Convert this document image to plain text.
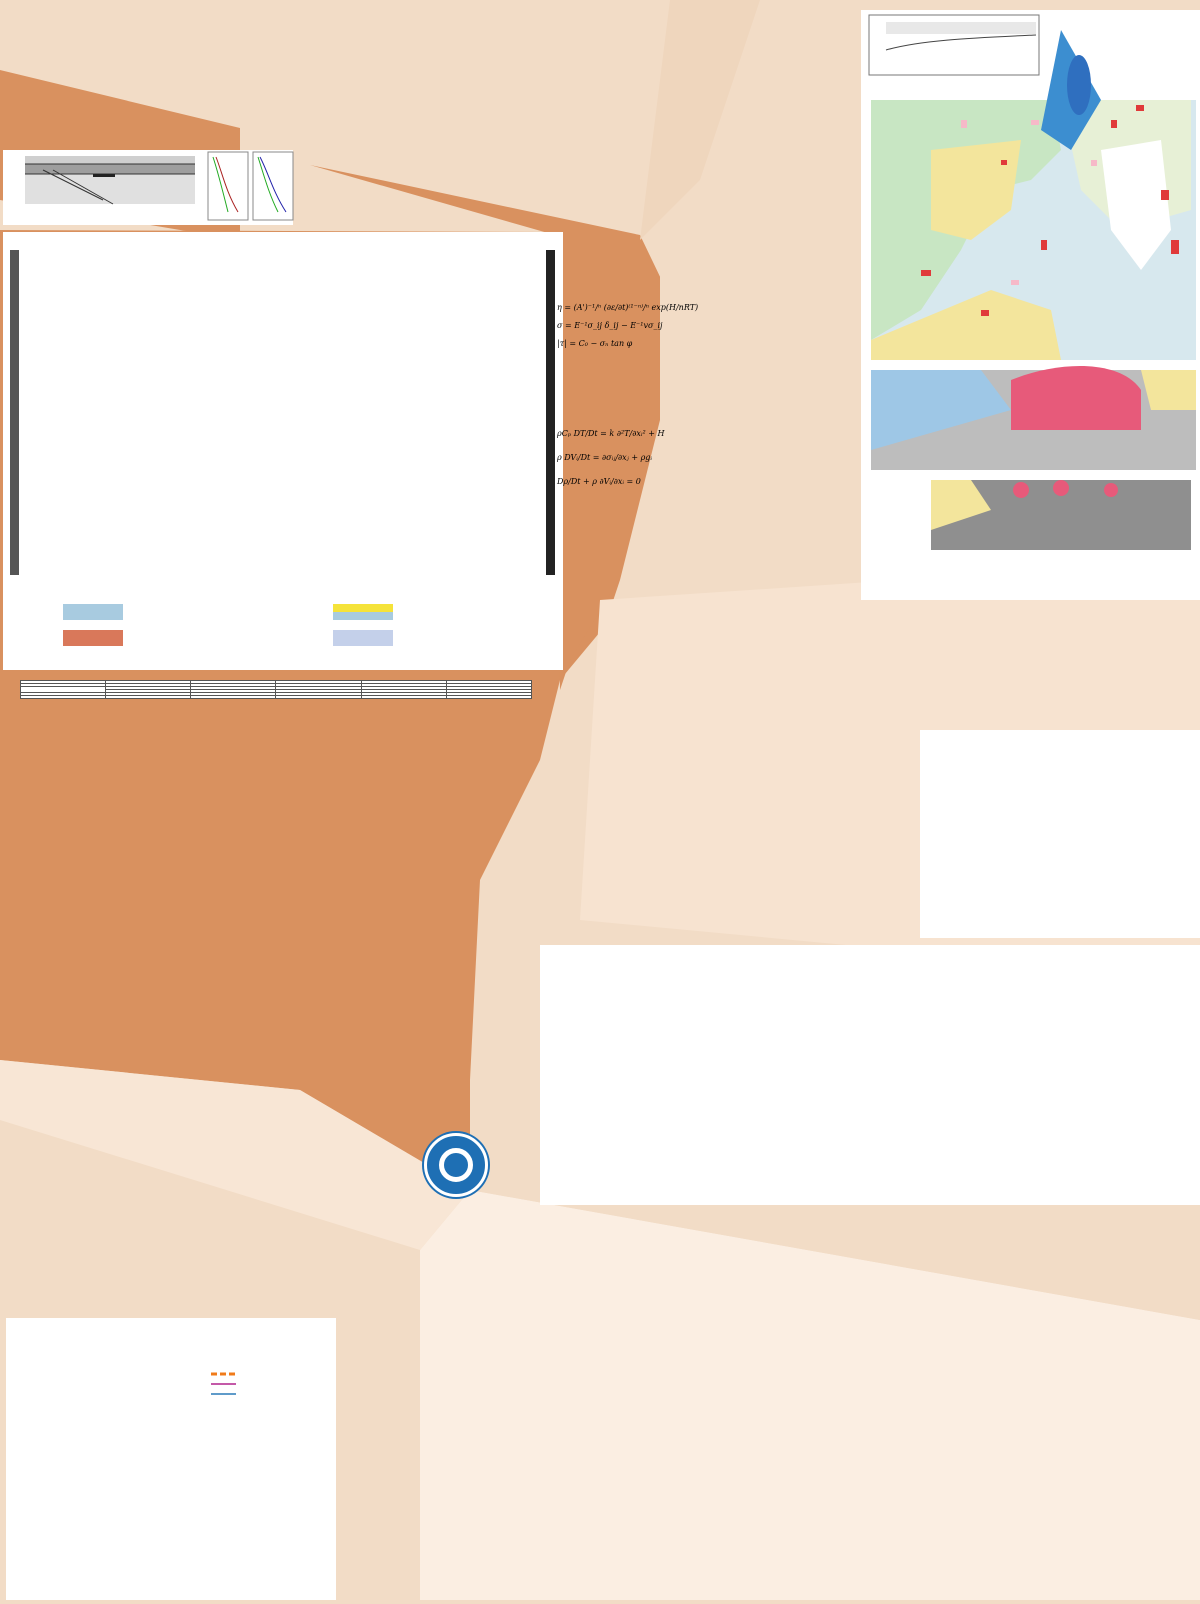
η = (A')⁻¹/ⁿ (∂ε/∂t)⁽¹⁻ⁿ⁾/ⁿ exp(H/nRT)
σ = E⁻¹σ_ij δ_ij − E⁻¹vσ_ij
|τ| = C₀ − σₙ tan φ
ρCₚ DT/Dt = k ∂²T/∂xᵢ² + H
ρ DVᵢ/Dt = ∂σᵢⱼ/∂xⱼ + ρgᵢ
Dρ/Dt + ρ ∂Vᵢ/∂xᵢ = 0
